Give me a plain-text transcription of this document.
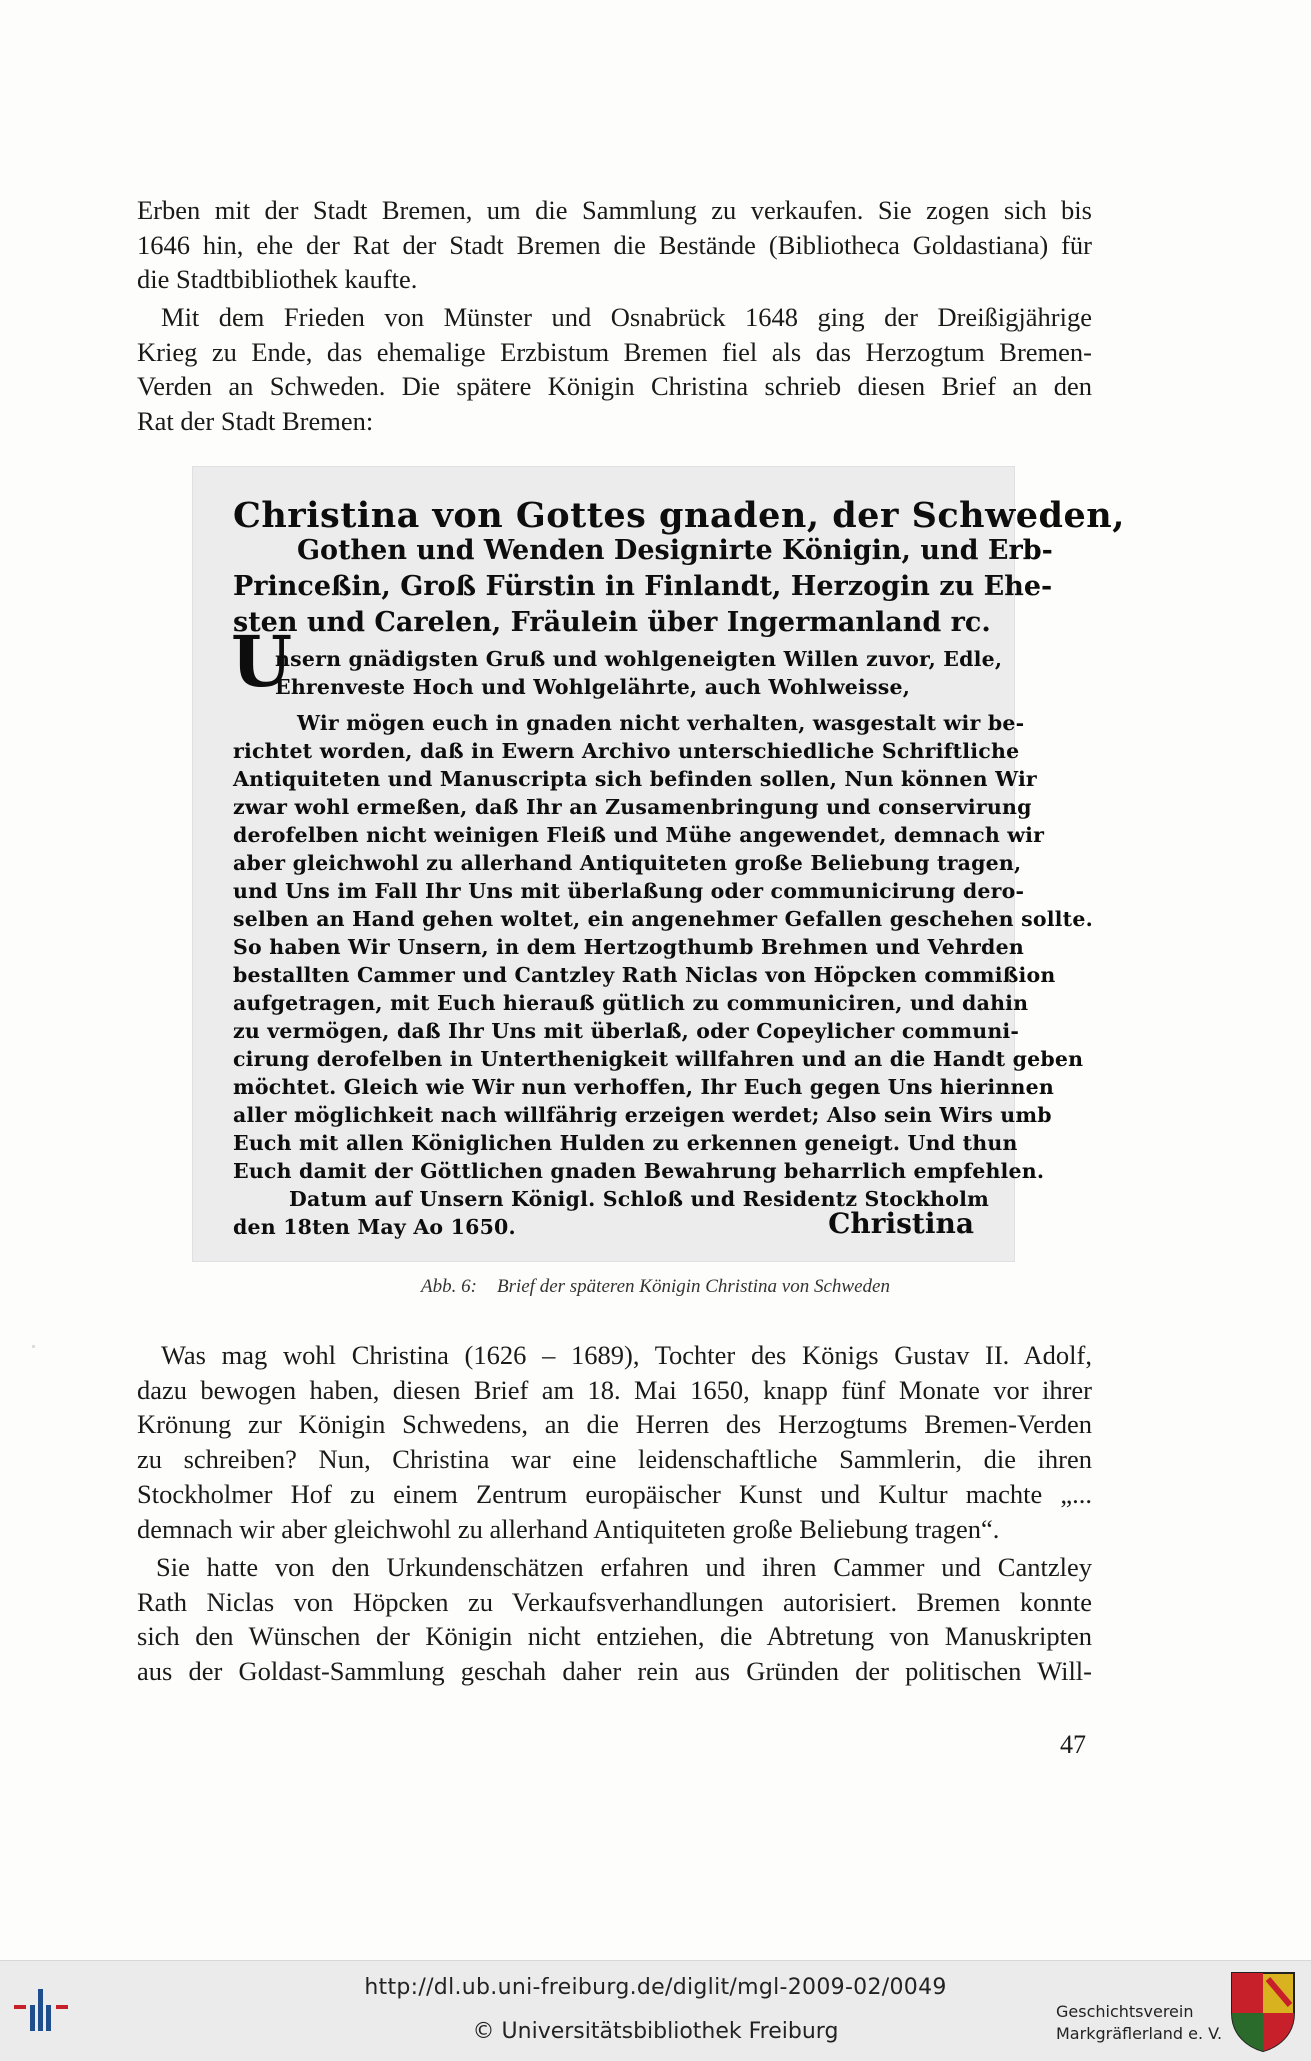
Erben mit der Stadt Bremen, um die Sammlung zu verkaufen. Sie zogen sich bis
1646 hin, ehe der Rat der Stadt Bremen die Bestände (Bibliotheca Goldastiana) für
die Stadtbibliothek kaufte.
Mit dem Frieden von Münster und Osnabrück 1648 ging der Dreißigjährige
Krieg zu Ende, das ehemalige Erzbistum Bremen fiel als das Herzogtum Bremen-
Verden an Schweden. Die spätere Königin Christina schrieb diesen Brief an den
Rat der Stadt Bremen:
Christina von Gottes gnaden, der Schweden,
Gothen und Wenden Designirte Königin, und Erb-
Princeßin, Groß Fürstin in Finlandt, Herzogin zu Ehe-
sten und Carelen, Fräulein über Ingermanland rc.
U
nsern gnädigsten Gruß und wohlgeneigten Willen zuvor, Edle,
Ehrenveste Hoch und Wohlgelährte, auch Wohlweisse,
Wir mögen euch in gnaden nicht verhalten, wasgestalt wir be-
richtet worden, daß in Ewern Archivo unterschiedliche Schriftliche
Antiquiteten und Manuscripta sich befinden sollen, Nun können Wir
zwar wohl ermeßen, daß Ihr an Zusamenbringung und conservirung
derofelben nicht weinigen Fleiß und Mühe angewendet, demnach wir
aber gleichwohl zu allerhand Antiquiteten große Beliebung tragen,
und Uns im Fall Ihr Uns mit überlaßung oder communicirung dero-
selben an Hand gehen woltet, ein angenehmer Gefallen geschehen sollte.
So haben Wir Unsern, in dem Hertzogthumb Brehmen und Vehrden
bestallten Cammer und Cantzley Rath Niclas von Höpcken commißion
aufgetragen, mit Euch hierauß gütlich zu communiciren, und dahin
zu vermögen, daß Ihr Uns mit überlaß, oder Copeylicher communi-
cirung derofelben in Unterthenigkeit willfahren und an die Handt geben
möchtet. Gleich wie Wir nun verhoffen, Ihr Euch gegen Uns hierinnen
aller möglichkeit nach willfährig erzeigen werdet; Also sein Wirs umb
Euch mit allen Königlichen Hulden zu erkennen geneigt. Und thun
Euch damit der Göttlichen gnaden Bewahrung beharrlich empfehlen.
Datum auf Unsern Königl. Schloß und Residentz Stockholm
den 18ten May Ao 1650.	Christina
Abb. 6: Brief der späteren Königin Christina von Schweden
Was mag wohl Christina (1626 – 1689), Tochter des Königs Gustav II. Adolf,
dazu bewogen haben, diesen Brief am 18. Mai 1650, knapp fünf Monate vor ihrer
Krönung zur Königin Schwedens, an die Herren des Herzogtums Bremen-Verden
zu schreiben? Nun, Christina war eine leidenschaftliche Sammlerin, die ihren
Stockholmer Hof zu einem Zentrum europäischer Kunst und Kultur machte „...
demnach wir aber gleichwohl zu allerhand Antiquiteten große Beliebung tragen“.
Sie hatte von den Urkundenschätzen erfahren und ihren Cammer und Cantzley
Rath Niclas von Höpcken zu Verkaufsverhandlungen autorisiert. Bremen konnte
sich den Wünschen der Königin nicht entziehen, die Abtretung von Manuskripten
aus der Goldast-Sammlung geschah daher rein aus Gründen der politischen Will-
47
http://dl.ub.uni-freiburg.de/diglit/mgl-2009-02/0049
© Universitätsbibliothek Freiburg
Geschichtsverein
Markgräflerland e. V.
